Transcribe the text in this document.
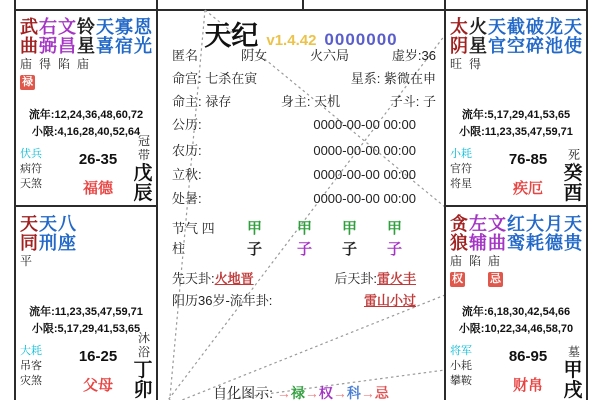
武
曲
庙
禄
右
弼
得
文
昌
陷
铃
星
庙
天
喜
寡
宿
恩
光
流年:12,24,36,48,60,72
小限:4,16,28,40,52,64
伏兵
病符
天煞
26-35
福德
冠
带
戊
辰
天
同
平
天
刑
八
座
流年:11,23,35,47,59,71
小限:5,17,29,41,53,65
大耗
吊客
灾煞
16-25
父母
沐
浴
丁
卯
太
阴
旺
火
星
得
天
官
截
空
破
碎
龙
池
天
使
流年:5,17,29,41,53,65
小限:11,23,35,47,59,71
小耗
官符
将星
76-85
疾厄
死
癸
酉
贪
狼
庙
权
左
辅
陷
文
曲
庙
忌
红
鸾
大
耗
月
德
天
贵
流年:6,18,30,42,54,66
小限:10,22,34,46,58,70
将军
小耗
攀鞍
86-95
财帛
墓
甲
戌
天纪 v1.4.42 0000000
匿名	阴女	火六局	虚岁:36
命宫: 七杀在寅	星系: 紫微在申
命主: 禄存	身主: 天机	子斗: 子
公历:	0000-00-00 00:00
农历:	0000-00-00 00:00
立秋:	0000-00-00 00:00
处暑:	0000-00-00 00:00
节气 四
柱
甲 甲 甲 甲
子 子 子 子
先天卦:火地晋	后天卦:雷火丰
阳历36岁-流年卦:	雷山小过
自化图示: →禄→权→科→忌
